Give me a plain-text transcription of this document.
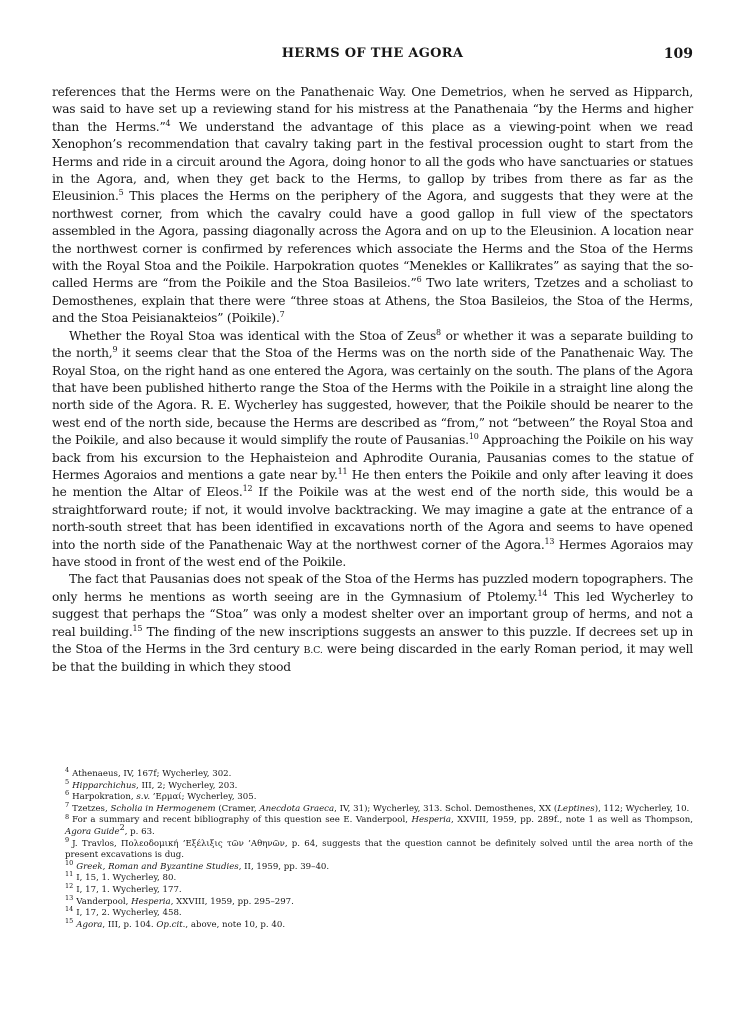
HERMS OF THE AGORA	109

references that the Herms were on the Panathenaic Way. One Demetrios, when he served as Hipparch, was said to have set up a reviewing stand for his mistress at the Panathenaia “by the Herms and higher than the Herms.”$^4$ We understand the advantage of this place as a viewing-point when we read Xenophon’s recommendation that cavalry taking part in the festival procession ought to start from the Herms and ride in a circuit around the Agora, doing honor to all the gods who have sanctuaries or statues in the Agora, and, when they get back to the Herms, to gallop by tribes from there as far as the Eleusinion.$^5$ This places the Herms on the periphery of the Agora, and suggests that they were at the northwest corner, from which the cavalry could have a good gallop in full view of the spectators assembled in the Agora, passing diagonally across the Agora and on up to the Eleusinion. A location near the northwest corner is confirmed by references which associate the Herms and the Stoa of the Herms with the Royal Stoa and the Poikile. Harpokration quotes “Menekles or Kallikrates” as saying that the so-called Herms are “from the Poikile and the Stoa Basileios.”$^6$ Two late writers, Tzetzes and a scholiast to Demosthenes, explain that there were “three stoas at Athens, the Stoa Basileios, the Stoa of the Herms, and the Stoa Peisianakteios” (Poikile).$^7$

Whether the Royal Stoa was identical with the Stoa of Zeus$^8$ or whether it was a separate building to the north,$^9$ it seems clear that the Stoa of the Herms was on the north side of the Panathenaic Way. The Royal Stoa, on the right hand as one entered the Agora, was certainly on the south. The plans of the Agora that have been published hitherto range the Stoa of the Herms with the Poikile in a straight line along the north side of the Agora. R. E. Wycherley has suggested, however, that the Poikile should be nearer to the west end of the north side, because the Herms are described as “from,” not “between” the Royal Stoa and the Poikile, and also because it would simplify the route of Pausanias.$^{10}$ Approaching the Poikile on his way back from his excursion to the Hephaisteion and Aphrodite Ourania, Pausanias comes to the statue of Hermes Agoraios and mentions a gate near by.$^{11}$ He then enters the Poikile and only after leaving it does he mention the Altar of Eleos.$^{12}$ If the Poikile was at the west end of the north side, this would be a straightforward route; if not, it would involve backtracking. We may imagine a gate at the entrance of a north-south street that has been identified in excavations north of the Agora and seems to have opened into the north side of the Panathenaic Way at the northwest corner of the Agora.$^{13}$ Hermes Agoraios may have stood in front of the west end of the Poikile.

The fact that Pausanias does not speak of the Stoa of the Herms has puzzled modern topographers. The only herms he mentions as worth seeing are in the Gymnasium of Ptolemy.$^{14}$ This led Wycherley to suggest that perhaps the “Stoa” was only a modest shelter over an important group of herms, and not a real building.$^{15}$ The finding of the new inscriptions suggests an answer to this puzzle. If decrees set up in the Stoa of the Herms in the 3rd century B.C. were being discarded in the early Roman period, it may well be that the building in which they stood

$^4$ Athenaeus, IV, 167f; Wycherley, 302.

$^5$ Hipparchichus, III, 2; Wycherley, 203.

$^6$ Harpokration, s.v. ’Ερμαί; Wycherley, 305.

$^7$ Tzetzes, Scholia in Hermogenem (Cramer, Anecdota Graeca, IV, 31); Wycherley, 313. Schol. Demosthenes, XX (Leptines), 112; Wycherley, 10.

$^8$ For a summary and recent bibliography of this question see E. Vanderpool, Hesperia, XXVIII, 1959, pp. 289f., note 1 as well as Thompson, Agora Guide$^2$, p. 63.

$^9$ J. Travlos, Πολεοδομική ’Εξέλιξις τῶν ’Αθηνῶν, p. 64, suggests that the question cannot be definitely solved until the area north of the present excavations is dug.

$^{10}$ Greek, Roman and Byzantine Studies, II, 1959, pp. 39–40.

$^{11}$ I, 15, 1. Wycherley, 80.

$^{12}$ I, 17, 1. Wycherley, 177.

$^{13}$ Vanderpool, Hesperia, XXVIII, 1959, pp. 295–297.

$^{14}$ I, 17, 2. Wycherley, 458.

$^{15}$ Agora, III, p. 104. Op.cit., above, note 10, p. 40.
